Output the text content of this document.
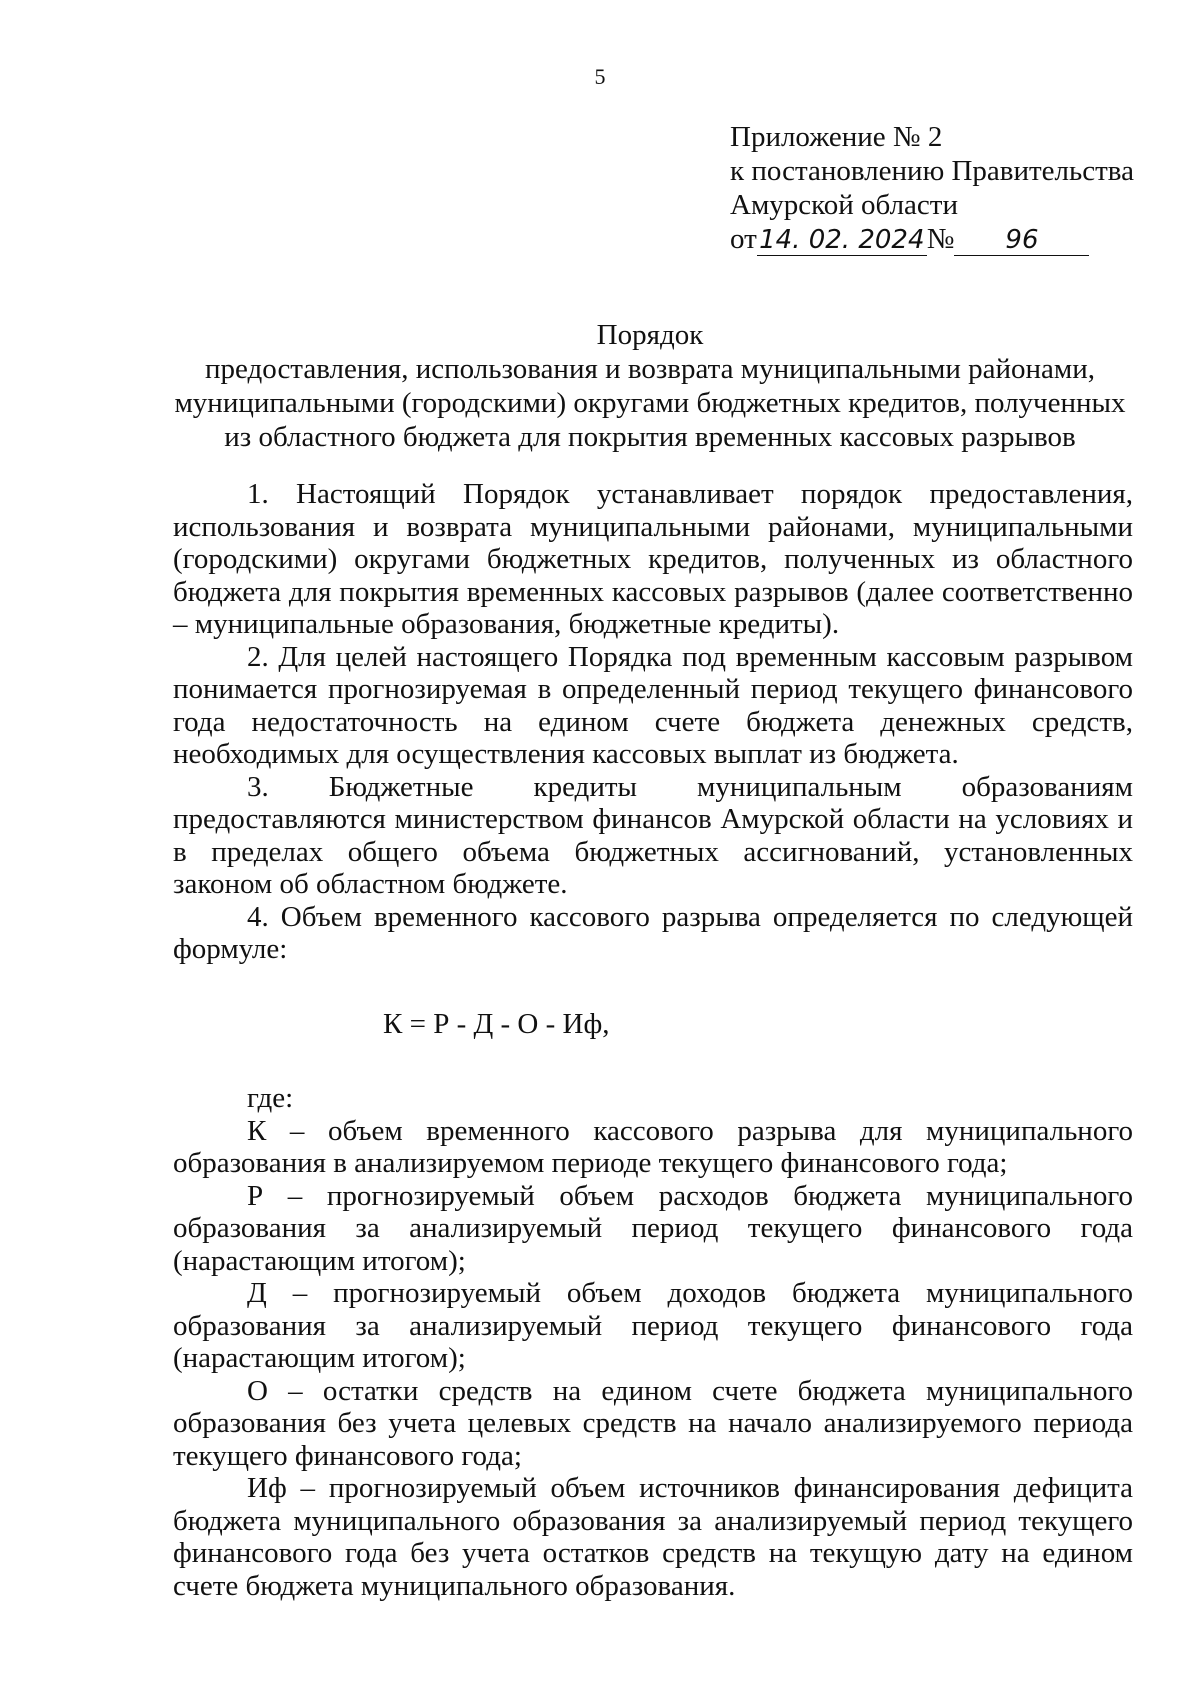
5
Приложение № 2
к постановлению Правительства
Амурской области
от14. 02. 2024№ 96
Порядок
предоставления, использования и возврата муниципальными районами,
муниципальными (городскими) округами бюджетных кредитов, полученных
из областного бюджета для покрытия временных кассовых разрывов

1. Настоящий Порядок устанавливает порядок предоставления, использования и возврата муниципальными районами, муниципальными (городскими) округами бюджетных кредитов, полученных из областного бюджета для покрытия временных кассовых разрывов (далее соответственно – муниципальные образования, бюджетные кредиты).

2. Для целей настоящего Порядка под временным кассовым разрывом понимается прогнозируемая в определенный период текущего финансового года недостаточность на едином счете бюджета денежных средств, необходимых для осуществления кассовых выплат из бюджета.

3. Бюджетные кредиты муниципальным образованиям предоставляются министерством финансов Амурской области на условиях и в пределах общего объема бюджетных ассигнований, установленных законом об областном бюджете.

4. Объем временного кассового разрыва определяется по следующей формуле:

К = Р - Д - О - Иф,

где:

К – объем временного кассового разрыва для муниципального образования в анализируемом периоде текущего финансового года;

Р – прогнозируемый объем расходов бюджета муниципального образования за анализируемый период текущего финансового года (нарастающим итогом);

Д – прогнозируемый объем доходов бюджета муниципального образования за анализируемый период текущего финансового года (нарастающим итогом);

О – остатки средств на едином счете бюджета муниципального образования без учета целевых средств на начало анализируемого периода текущего финансового года;

Иф – прогнозируемый объем источников финансирования дефицита бюджета муниципального образования за анализируемый период текущего финансового года без учета остатков средств на текущую дату на едином счете бюджета муниципального образования.
